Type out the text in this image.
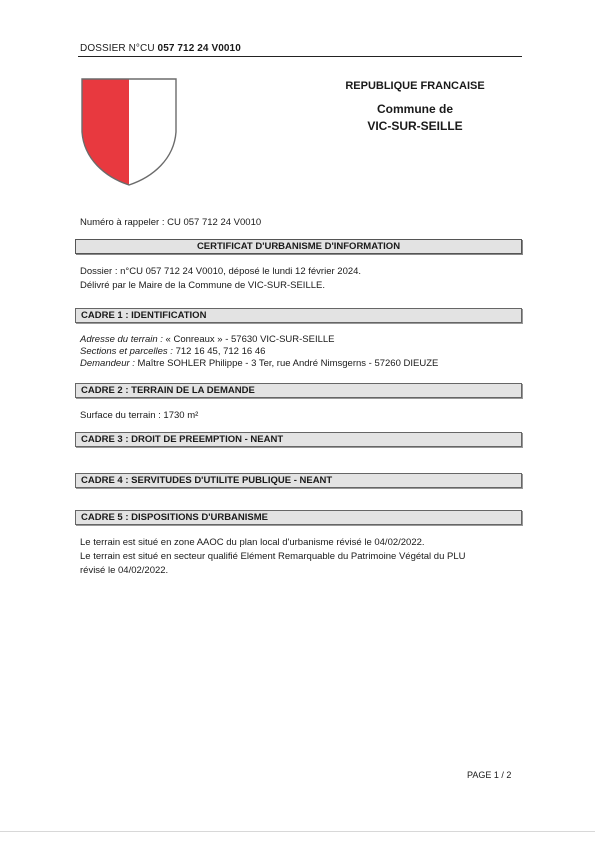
DOSSIER N°CU 057 712 24 V0010
REPUBLIQUE FRANCAISE
Commune de
VIC-SUR-SEILLE
Numéro à rappeler : CU 057 712 24 V0010
CERTIFICAT D'URBANISME D'INFORMATION
Dossier : n°CU 057 712 24 V0010, déposé le lundi 12 février 2024.
Délivré par le Maire de la Commune de VIC-SUR-SEILLE.
CADRE 1 : IDENTIFICATION
Adresse du terrain : « Conreaux » - 57630 VIC-SUR-SEILLE
Sections et parcelles : 712 16 45, 712 16 46
Demandeur : Maître SOHLER Philippe - 3 Ter, rue André Nimsgerns - 57260 DIEUZE
CADRE 2 : TERRAIN DE LA DEMANDE
Surface du terrain : 1730 m²
CADRE 3 : DROIT DE PREEMPTION - NEANT
CADRE 4 : SERVITUDES D'UTILITE PUBLIQUE - NEANT
CADRE 5 : DISPOSITIONS D'URBANISME
Le terrain est situé en zone AAOC du plan local d'urbanisme révisé le 04/02/2022.
Le terrain est situé en secteur qualifié Elément Remarquable du Patrimoine Végétal du PLU
révisé le 04/02/2022.
PAGE 1 / 2
